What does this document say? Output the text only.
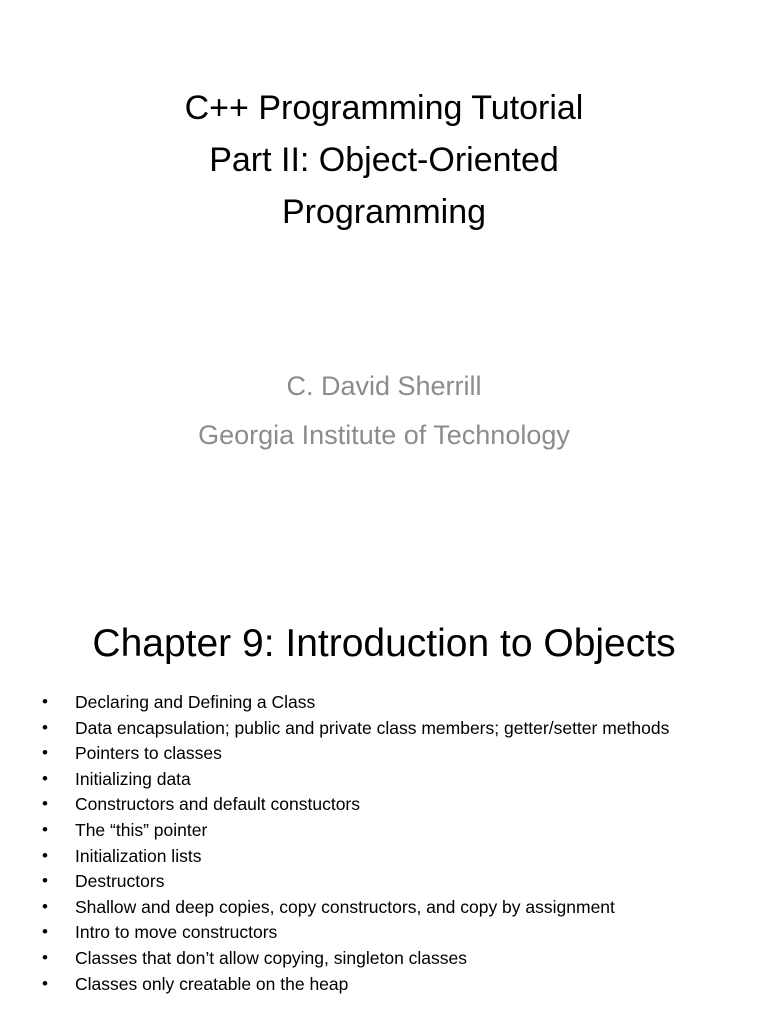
C++ Programming Tutorial
Part II: Object-Oriented
Programming
C. David Sherrill
Georgia Institute of Technology
Chapter 9: Introduction to Objects
• Declaring and Defining a Class
• Data encapsulation; public and private class members; getter/setter methods
• Pointers to classes
• Initializing data
• Constructors and default constuctors
• The “this” pointer
• Initialization lists
• Destructors
• Shallow and deep copies, copy constructors, and copy by assignment
• Intro to move constructors
• Classes that don’t allow copying, singleton classes
• Classes only creatable on the heap
